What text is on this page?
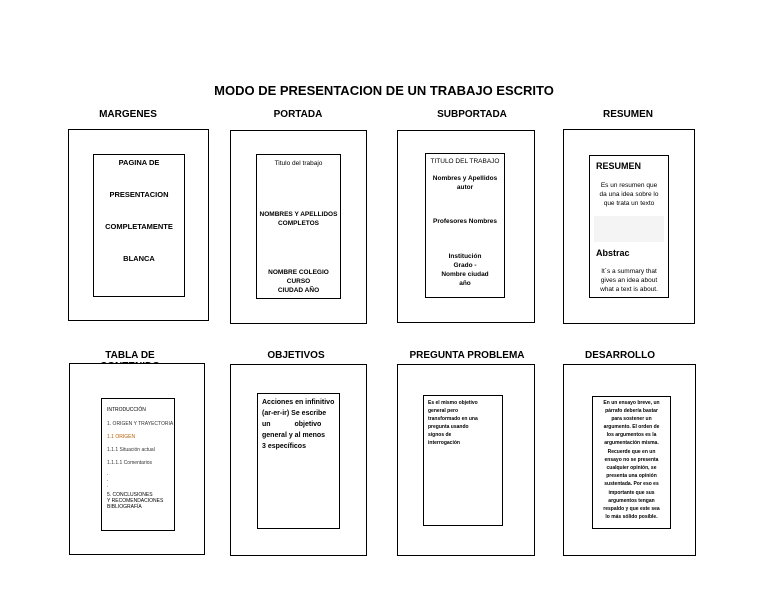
MODO DE PRESENTACION DE UN TRABAJO ESCRITO
MARGENES	PORTADA	SUBPORTADA	RESUMEN
PAGINA DE
PRESENTACION
COMPLETAMENTE
BLANCA
Titulo del trabajo
NOMBRES Y APELLIDOS
COMPLETOS
NOMBRE COLEGIO
CURSO
CIUDAD AÑO
TITULO DEL TRABAJO
Nombres y Apellidos
autor
Profesores Nombres
Institución
Grado -
Nombre ciudad
año
RESUMEN
Es un resumen que
da una idea sobre lo
que trata un texto
Abstrac
It´s a summary that
gives an idea about
what a text is about.
TABLA DE	OBJETIVOS	PREGUNTA PROBLEMA	DESARROLLO
INTRODUCCIÓN
1. ORIGEN Y TRAYECTORIA
1.1 ORIGEN
1.1.1 Situación actual
1.1.1.1 Comentarios
.
.
.
5. CONCLUSIONES
Y RECOMENDACIONES
BIBLIOGRAFÍA
Acciones en infinitivo
(ar-er-ir) Se escribe
un objetivo
general y al menos
3 específicos
Es el mismo objetivo
general pero
transformado en una
pregunta usando
signos de
interrogación
En un ensayo breve, un
párrafo debería bastar
para sostener un
argumento. El orden de
los argumentos es la
argumentación misma.
Recuerde que en un
ensayo no se presenta
cualquier opinión, se
presenta una opinión
sustentada. Por eso es
importante que sus
argumentos tengan
respaldo y que este sea
lo más sólido posible.
